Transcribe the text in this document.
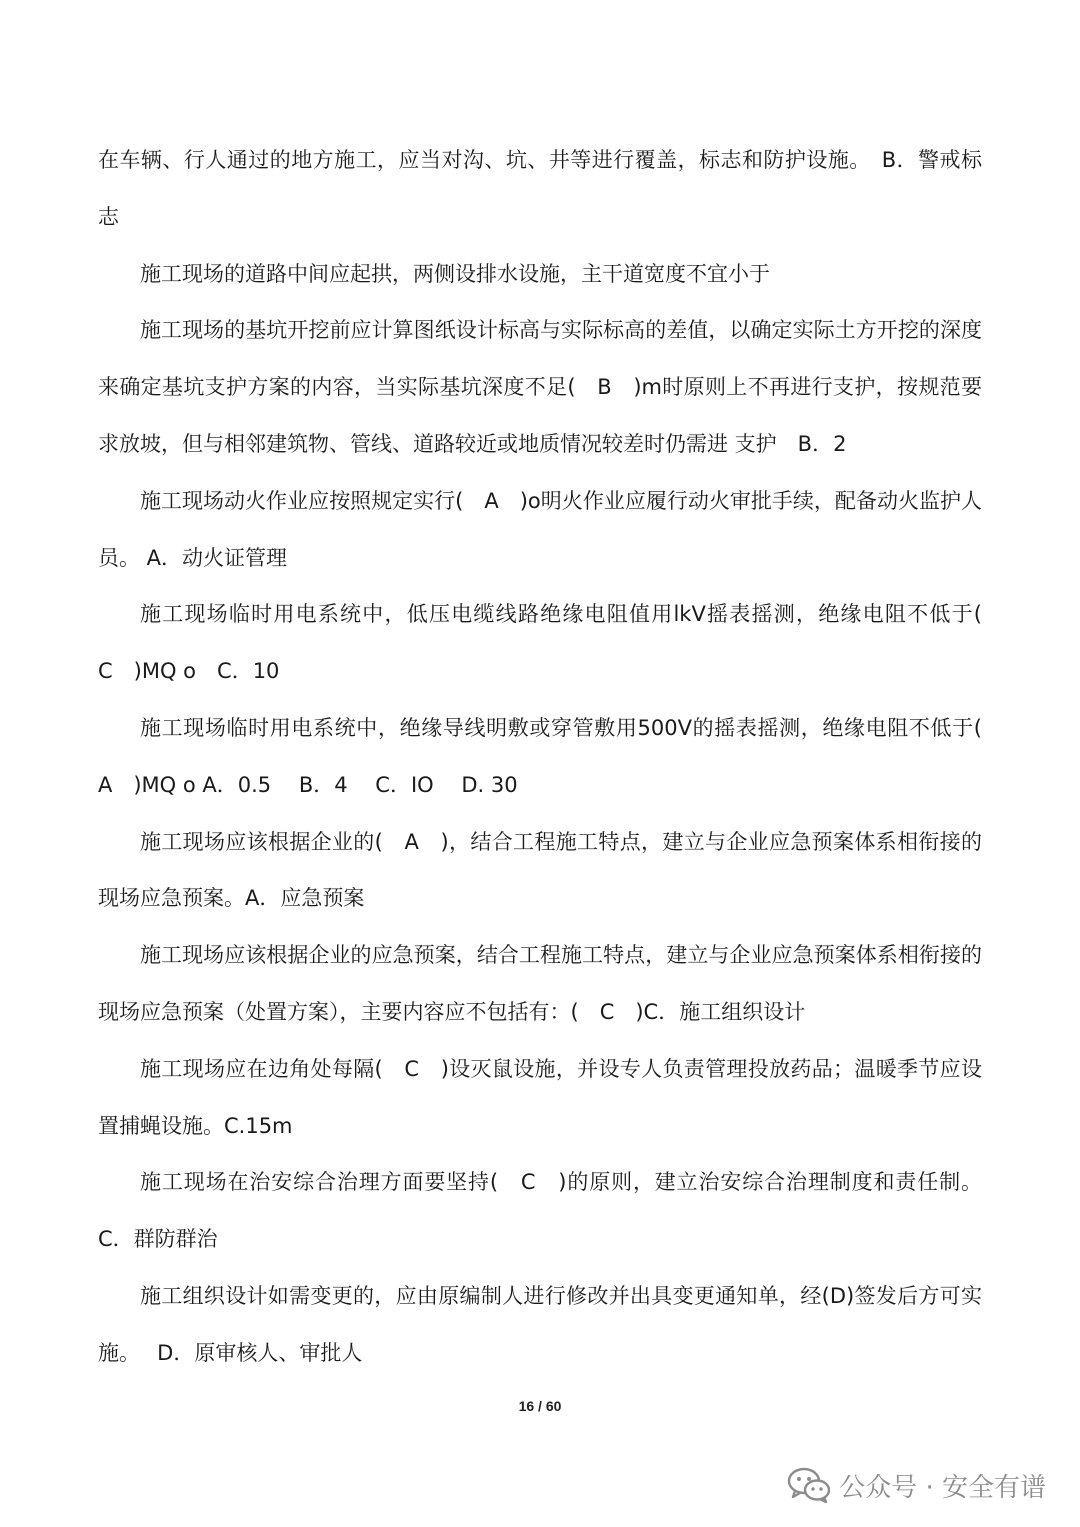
在车辆、行人通过的地方施工，应当对沟、坑、井等进行覆盖，标志和防护设施。　B．警戒标志

施工现场的道路中间应起拱，两侧设排水设施，主干道宽度不宜小于

施工现场的基坑开挖前应计算图纸设计标高与实际标高的差值，以确定实际土方开挖的深度来确定基坑支护方案的内容，当实际基坑深度不足(　B　)m时原则上不再进行支护，按规范要求放坡，但与相邻建筑物、管线、道路较近或地质情况较差时仍需进 支护　B．2

施工现场动火作业应按照规定实行(　A　)o明火作业应履行动火审批手续，配备动火监护人员。 A．动火证管理

施工现场临时用电系统中，低压电缆线路绝缘电阻值用lkV摇表摇测，绝缘电阻不低于(　C　)MQ o　C．10

施工现场临时用电系统中，绝缘导线明敷或穿管敷用500V的摇表摇测，绝缘电阻不低于(　A　)MQ o A．0.5　 B．4　 C．IO　 D. 30

施工现场应该根据企业的(　A　)，结合工程施工特点，建立与企业应急预案体系相衔接的现场应急预案。A．应急预案

施工现场应该根据企业的应急预案，结合工程施工特点，建立与企业应急预案体系相衔接的现场应急预案（处置方案），主要内容应不包括有：(　C　)C．施工组织设计

施工现场应在边角处每隔(　C　)设灭鼠设施，并设专人负责管理投放药品；温暖季节应设置捕蝇设施。C.15m

施工现场在治安综合治理方面要坚持(　C　)的原则，建立治安综合治理制度和责任制。 C．群防群治

施工组织设计如需变更的，应由原编制人进行修改并出具变更通知单，经(D)签发后方可实施。　 D．原审核人、审批人

16 / 60
公众号 · 安全有谱
